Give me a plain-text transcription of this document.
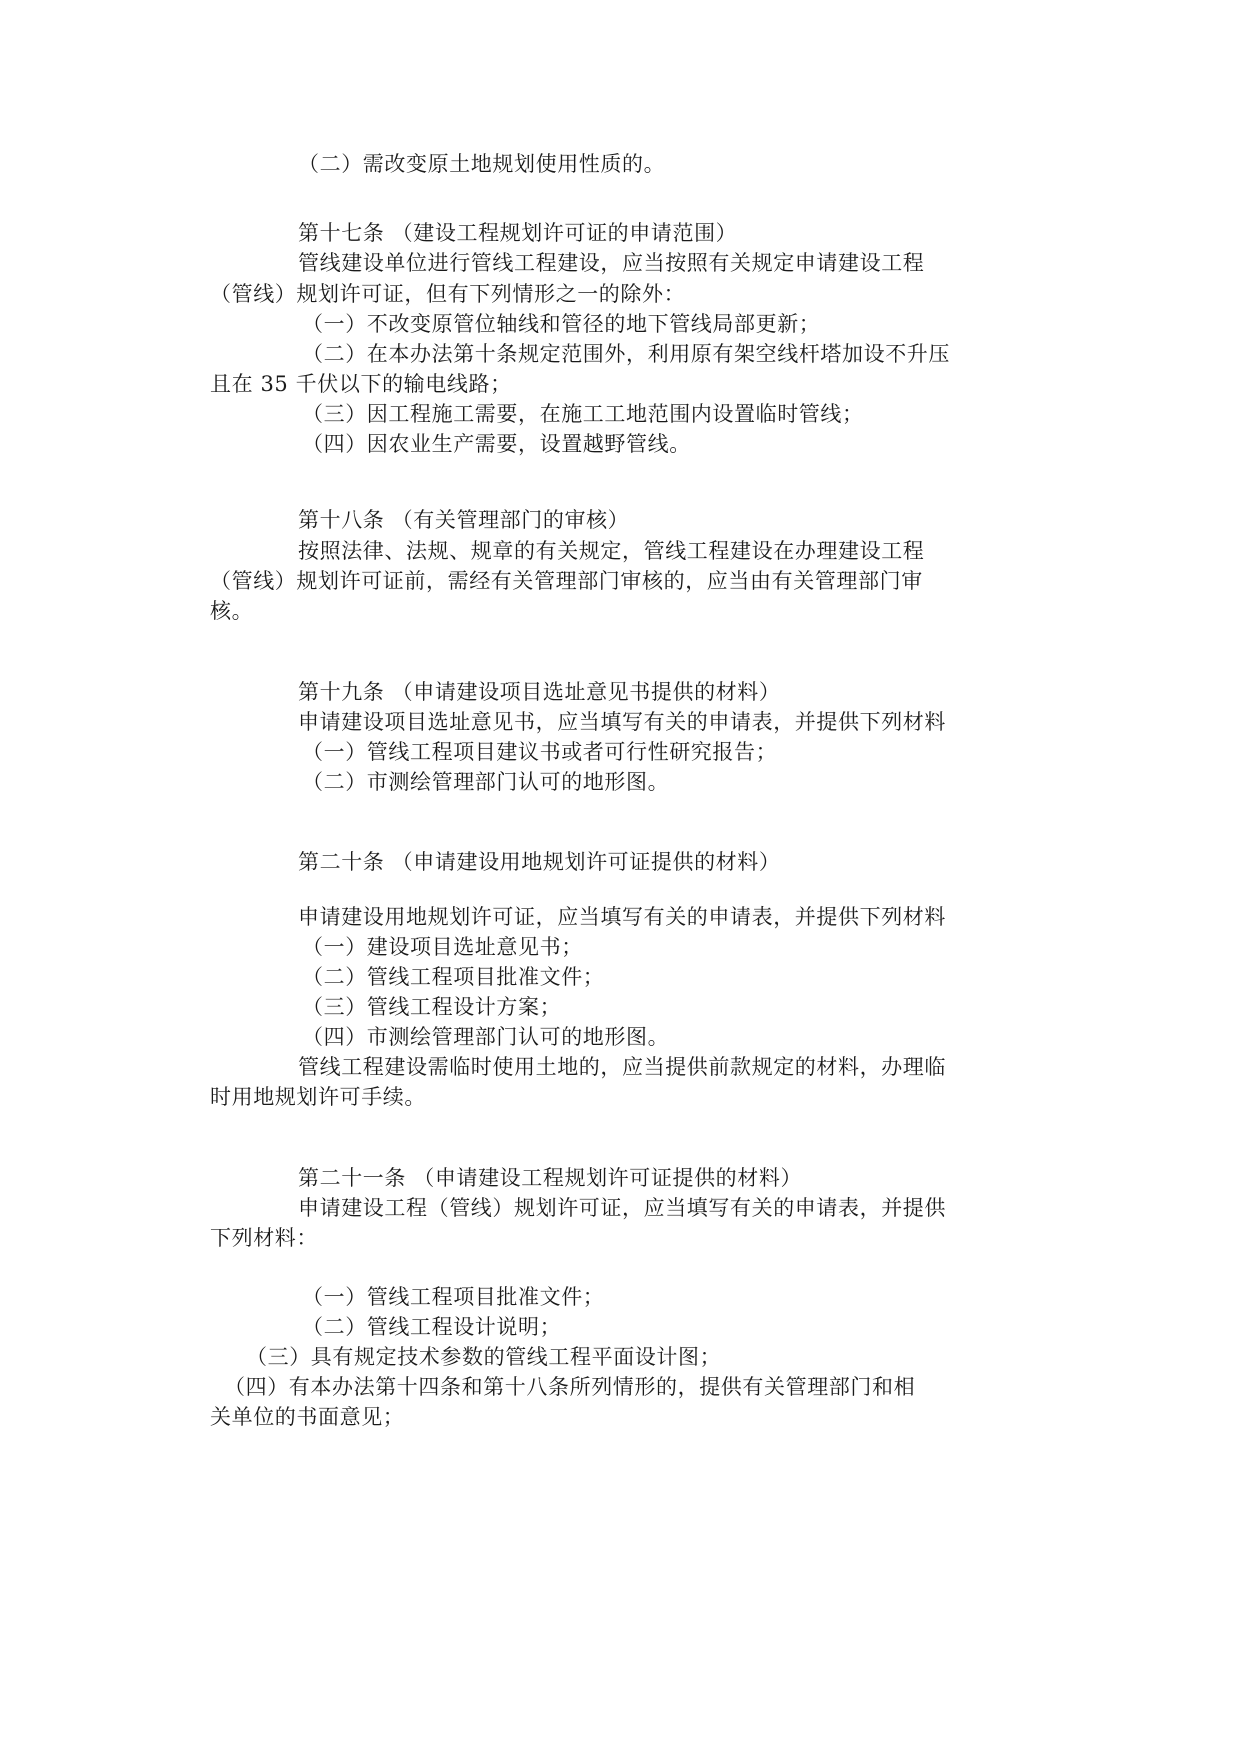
（二）需改变原土地规划使用性质的。
第十七条 （建设工程规划许可证的申请范围）
管线建设单位进行管线工程建设，应当按照有关规定申请建设工程
（管线）规划许可证，但有下列情形之一的除外：
（一）不改变原管位轴线和管径的地下管线局部更新；
（二）在本办法第十条规定范围外，利用原有架空线杆塔加设不升压
且在 35 千伏以下的输电线路；
（三）因工程施工需要，在施工工地范围内设置临时管线；
（四）因农业生产需要，设置越野管线。
第十八条 （有关管理部门的审核）
按照法律、法规、规章的有关规定，管线工程建设在办理建设工程
（管线）规划许可证前，需经有关管理部门审核的，应当由有关管理部门审
核。
第十九条 （申请建设项目选址意见书提供的材料）
申请建设项目选址意见书，应当填写有关的申请表，并提供下列材料
（一）管线工程项目建议书或者可行性研究报告；
（二）市测绘管理部门认可的地形图。
第二十条 （申请建设用地规划许可证提供的材料）
申请建设用地规划许可证，应当填写有关的申请表，并提供下列材料
（一）建设项目选址意见书；
（二）管线工程项目批准文件；
（三）管线工程设计方案；
（四）市测绘管理部门认可的地形图。
管线工程建设需临时使用土地的，应当提供前款规定的材料，办理临
时用地规划许可手续。
第二十一条 （申请建设工程规划许可证提供的材料）
申请建设工程（管线）规划许可证，应当填写有关的申请表，并提供
下列材料：
（一）管线工程项目批准文件；
（二）管线工程设计说明；
（三）具有规定技术参数的管线工程平面设计图；
（四）有本办法第十四条和第十八条所列情形的，提供有关管理部门和相
关单位的书面意见；
